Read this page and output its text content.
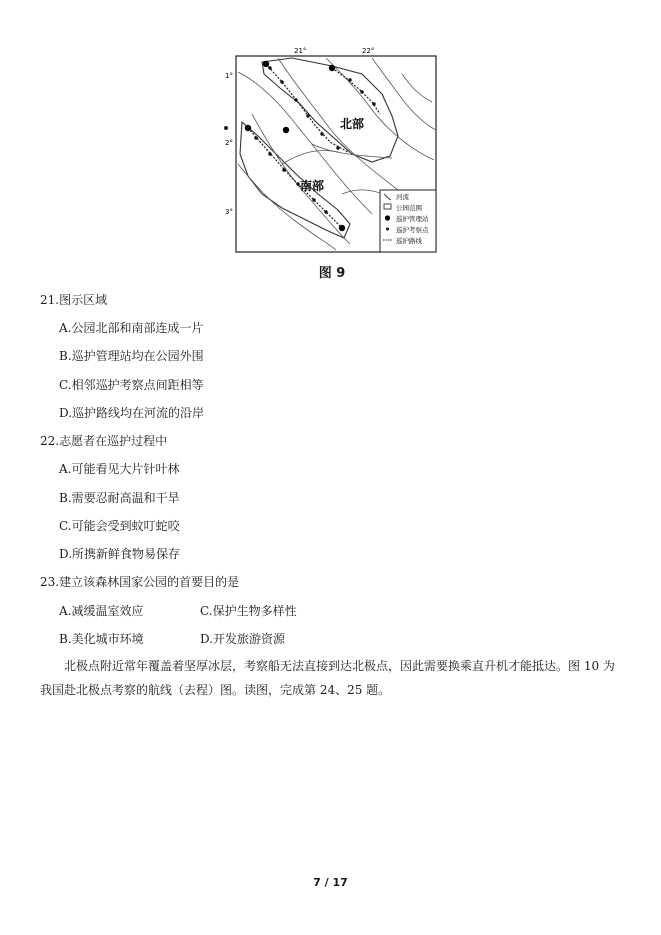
21°	22°
1°
2°
3°
北部
南部
河流
公园范围
巡护管理站
巡护考察点
巡护路线
图 9
21.图示区域
A.公园北部和南部连成一片
B.巡护管理站均在公园外围
C.相邻巡护考察点间距相等
D.巡护路线均在河流的沿岸
22.志愿者在巡护过程中
A.可能看见大片针叶林
B.需要忍耐高温和干旱
C.可能会受到蚊叮蛇咬
D.所携新鲜食物易保存
23.建立该森林国家公园的首要目的是
A.减缓温室效应	C.保护生物多样性
B.美化城市环境	D.开发旅游资源

北极点附近常年覆盖着坚厚冰层，考察船无法直接到达北极点，因此需要换乘直升机才能抵达。图 10 为

我国赴北极点考察的航线（去程）图。读图，完成第 24、25 题。
7 / 17
